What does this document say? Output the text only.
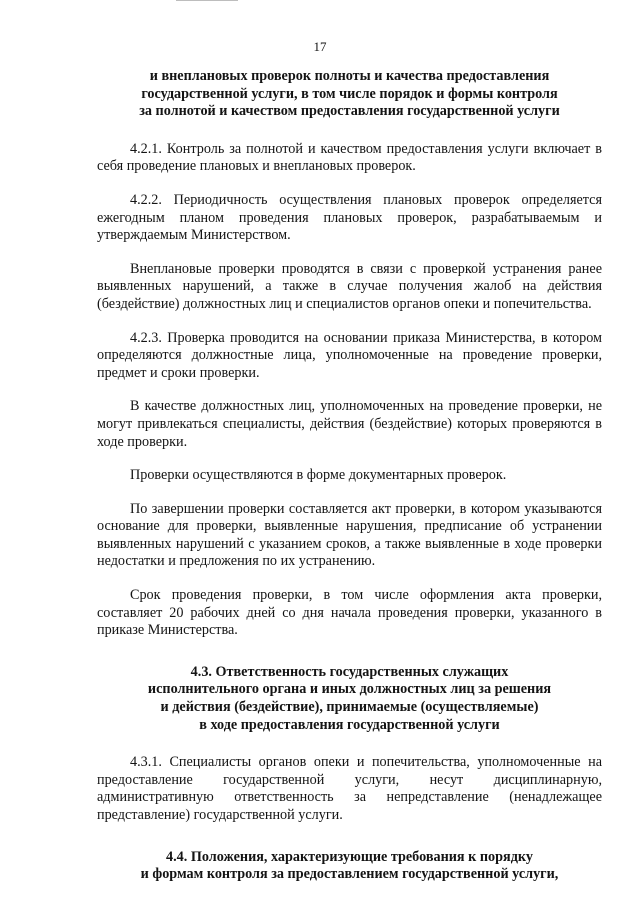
17
и внеплановых проверок полноты и качества предоставления
государственной услуги, в том числе порядок и формы контроля
за полнотой и качеством предоставления государственной услуги

4.2.1. Контроль за полнотой и качеством предоставления услуги включает в себя проведение плановых и внеплановых проверок.

4.2.2. Периодичность осуществления плановых проверок определяется ежегодным планом проведения плановых проверок, разрабатываемым и утверждаемым Министерством.

Внеплановые проверки проводятся в связи с проверкой устранения ранее выявленных нарушений, а также в случае получения жалоб на действия (бездействие) должностных лиц и специалистов органов опеки и попечительства.

4.2.3. Проверка проводится на основании приказа Министерства, в котором определяются должностные лица, уполномоченные на проведение проверки, предмет и сроки проверки.

В качестве должностных лиц, уполномоченных на проведение проверки, не могут привлекаться специалисты, действия (бездействие) которых проверяются в ходе проверки.

Проверки осуществляются в форме документарных проверок.

По завершении проверки составляется акт проверки, в котором указываются основание для проверки, выявленные нарушения, предписание об устранении выявленных нарушений с указанием сроков, а также выявленные в ходе проверки недостатки и предложения по их устранению.

Срок проведения проверки, в том числе оформления акта проверки, составляет 20 рабочих дней со дня начала проведения проверки, указанного в приказе Министерства.

4.3. Ответственность государственных служащих
исполнительного органа и иных должностных лиц за решения
и действия (бездействие), принимаемые (осуществляемые)
в ходе предоставления государственной услуги

4.3.1. Специалисты органов опеки и попечительства, уполномоченные на предоставление государственной услуги, несут дисциплинарную, административную ответственность за непредставление (ненадлежащее представление) государственной услуги.

4.4. Положения, характеризующие требования к порядку
и формам контроля за предоставлением государственной услуги,
